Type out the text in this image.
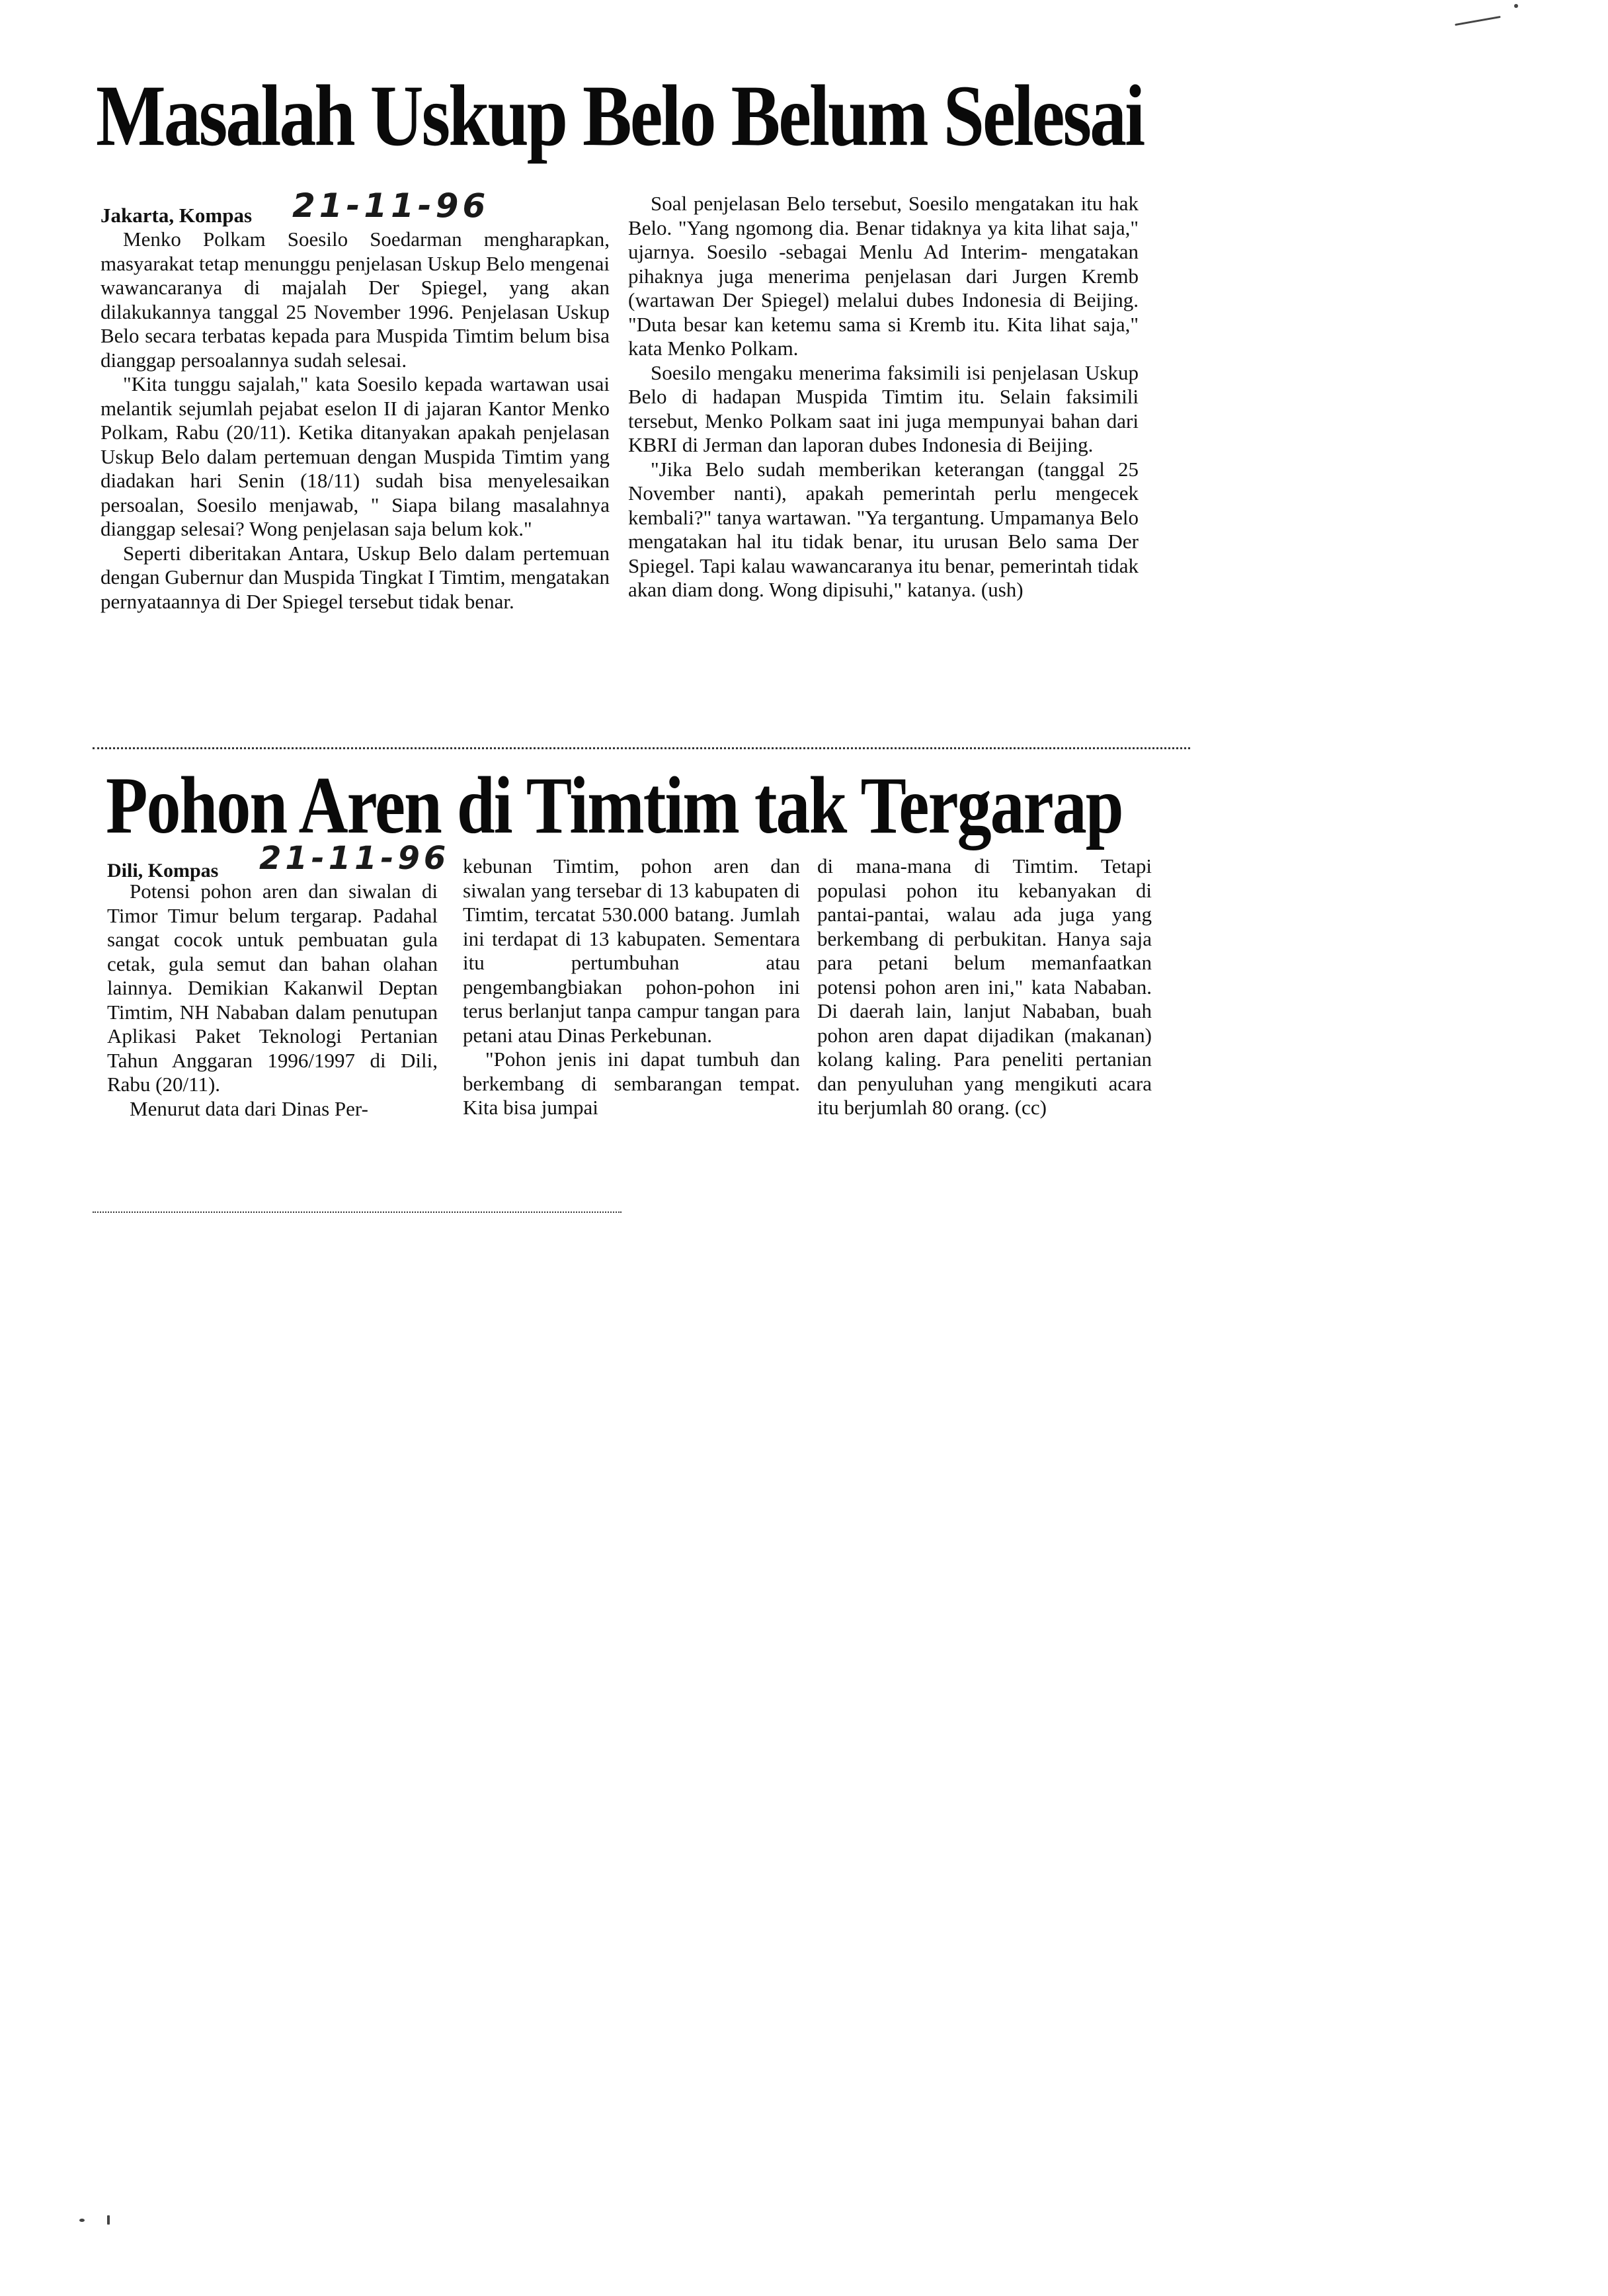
Masalah Uskup Belo Belum Selesai
Jakarta, Kompas 21-11-96

Menko Polkam Soesilo Soedarman mengharapkan, masyarakat tetap menunggu penjelasan Uskup Belo mengenai wawancaranya di majalah Der Spiegel, yang akan dilakukannya tanggal 25 November 1996. Penjelasan Uskup Belo secara terbatas kepada para Muspida Timtim belum bisa dianggap persoalannya sudah selesai.

"Kita tunggu sajalah," kata Soesilo kepada wartawan usai melantik sejumlah pejabat eselon II di jajaran Kantor Menko Polkam, Rabu (20/11). Ketika ditanyakan apakah penjelasan Uskup Belo dalam pertemuan dengan Muspida Timtim yang diadakan hari Senin (18/11) sudah bisa menyelesaikan persoalan, Soesilo menjawab, " Siapa bilang masalahnya dianggap selesai? Wong penjelasan saja belum kok."

Seperti diberitakan Antara, Uskup Belo dalam pertemuan dengan Gubernur dan Muspida Tingkat I Timtim, mengatakan pernyataannya di Der Spiegel tersebut tidak benar.

Soal penjelasan Belo tersebut, Soesilo mengatakan itu hak Belo. "Yang ngomong dia. Benar tidaknya ya kita lihat saja," ujarnya. Soesilo -sebagai Menlu Ad Interim- mengatakan pihaknya juga menerima penjelasan dari Jurgen Kremb (wartawan Der Spiegel) melalui dubes Indonesia di Beijing. "Duta besar kan ketemu sama si Kremb itu. Kita lihat saja," kata Menko Polkam.

Soesilo mengaku menerima faksimili isi penjelasan Uskup Belo di hadapan Muspida Timtim itu. Selain faksimili tersebut, Menko Polkam saat ini juga mempunyai bahan dari KBRI di Jerman dan laporan dubes Indonesia di Beijing.

"Jika Belo sudah memberikan keterangan (tanggal 25 November nanti), apakah pemerintah perlu mengecek kembali?" tanya wartawan. "Ya tergantung. Umpamanya Belo mengatakan hal itu tidak benar, itu urusan Belo sama Der Spiegel. Tapi kalau wawancaranya itu benar, pemerintah tidak akan diam dong. Wong dipisuhi," katanya. (ush)

Pohon Aren di Timtim tak Tergarap
Dili, Kompas 21-11-96

Potensi pohon aren dan siwalan di Timor Timur belum tergarap. Padahal sangat cocok untuk pembuatan gula cetak, gula semut dan bahan olahan lainnya. Demikian Kakanwil Deptan Timtim, NH Nababan dalam penutupan Aplikasi Paket Teknologi Pertanian Tahun Anggaran 1996/1997 di Dili, Rabu (20/11).

Menurut data dari Dinas Per-

kebunan Timtim, pohon aren dan siwalan yang tersebar di 13 kabupaten di Timtim, tercatat 530.000 batang. Jumlah ini terdapat di 13 kabupaten. Sementara itu pertumbuhan atau pengembangbiakan pohon-pohon ini terus berlanjut tanpa campur tangan para petani atau Dinas Perkebunan.

"Pohon jenis ini dapat tumbuh dan berkembang di sembarangan tempat. Kita bisa jumpai

di mana-mana di Timtim. Tetapi populasi pohon itu kebanyakan di pantai-pantai, walau ada juga yang berkembang di perbukitan. Hanya saja para petani belum memanfaatkan potensi pohon aren ini," kata Nababan. Di daerah lain, lanjut Nababan, buah pohon aren dapat dijadikan (makanan) kolang kaling. Para peneliti pertanian dan penyuluhan yang mengikuti acara itu berjumlah 80 orang. (cc)
